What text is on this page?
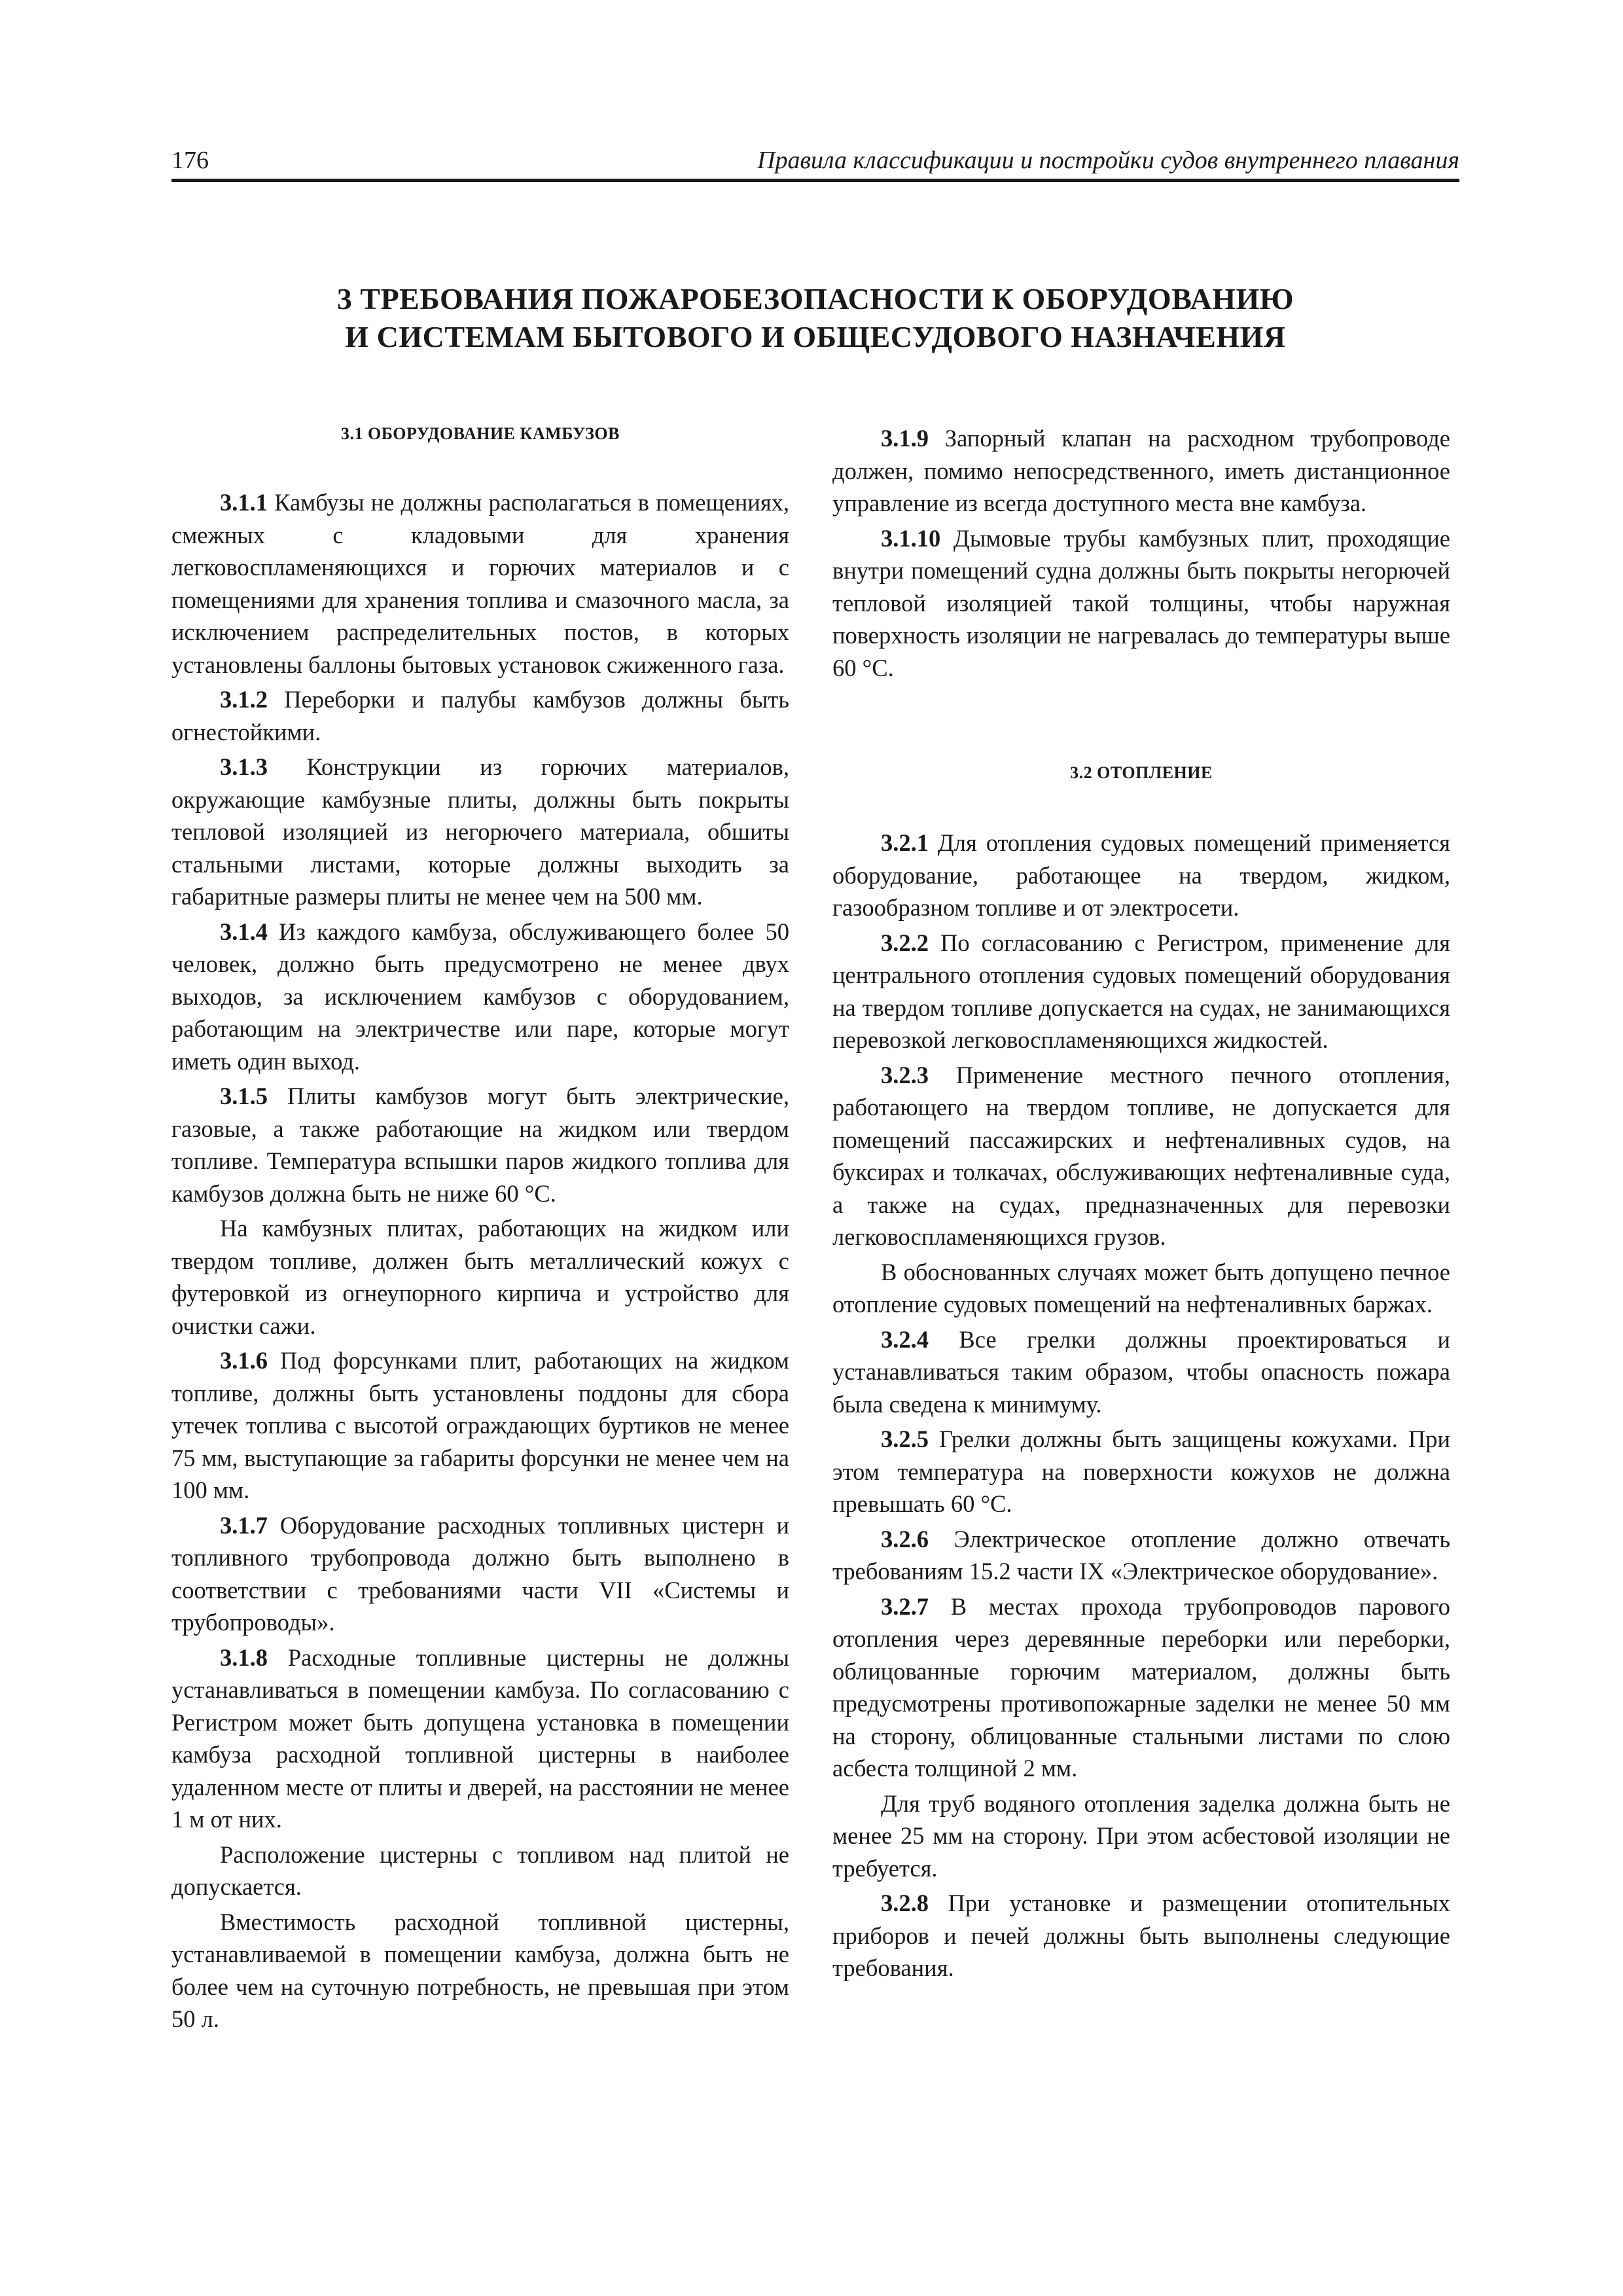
176	Правила классификации и постройки судов внутреннего плавания
3 ТРЕБОВАНИЯ ПОЖАРОБЕЗОПАСНОСТИ К ОБОРУДОВАНИЮ
И СИСТЕМАМ БЫТОВОГО И ОБЩЕСУДОВОГО НАЗНАЧЕНИЯ
3.1 ОБОРУДОВАНИЕ КАМБУЗОВ

3.1.1 Камбузы не должны располагаться в помещениях, смежных с кладовыми для хранения легковоспламеняющихся и горючих материалов и с помещениями для хранения топлива и смазочного масла, за исключением распределительных постов, в которых установлены баллоны бытовых установок сжиженного газа.

3.1.2 Переборки и палубы камбузов должны быть огнестойкими.

3.1.3 Конструкции из горючих материалов, окружающие камбузные плиты, должны быть покрыты тепловой изоляцией из негорючего материала, обшиты стальными листами, которые должны выходить за габаритные размеры плиты не менее чем на 500 мм.

3.1.4 Из каждого камбуза, обслуживающего более 50 человек, должно быть предусмотрено не менее двух выходов, за исключением камбузов с оборудованием, работающим на электричестве или паре, которые могут иметь один выход.

3.1.5 Плиты камбузов могут быть электрические, газовые, а также работающие на жидком или твердом топливе. Температура вспышки паров жидкого топлива для камбузов должна быть не ниже 60 °С.

На камбузных плитах, работающих на жидком или твердом топливе, должен быть металлический кожух с футеровкой из огнеупорного кирпича и устройство для очистки сажи.

3.1.6 Под форсунками плит, работающих на жидком топливе, должны быть установлены поддоны для сбора утечек топлива с высотой ограждающих буртиков не менее 75 мм, выступающие за габариты форсунки не менее чем на 100 мм.

3.1.7 Оборудование расходных топливных цистерн и топливного трубопровода должно быть выполнено в соответствии с требованиями части VII «Системы и трубопроводы».

3.1.8 Расходные топливные цистерны не должны устанавливаться в помещении камбуза. По согласованию с Регистром может быть допущена установка в помещении камбуза расходной топливной цистерны в наиболее удаленном месте от плиты и дверей, на расстоянии не менее 1 м от них.

Расположение цистерны с топливом над плитой не допускается.

Вместимость расходной топливной цистерны, устанавливаемой в помещении камбуза, должна быть не более чем на суточную потребность, не превышая при этом 50 л.

3.1.9 Запорный клапан на расходном трубопроводе должен, помимо непосредственного, иметь дистанционное управление из всегда доступного места вне камбуза.

3.1.10 Дымовые трубы камбузных плит, проходящие внутри помещений судна должны быть покрыты негорючей тепловой изоляцией такой толщины, чтобы наружная поверхность изоляции не нагревалась до температуры выше 60 °С.

3.2 ОТОПЛЕНИЕ

3.2.1 Для отопления судовых помещений применяется оборудование, работающее на твердом, жидком, газообразном топливе и от электросети.

3.2.2 По согласованию с Регистром, применение для центрального отопления судовых помещений оборудования на твердом топливе допускается на судах, не занимающихся перевозкой легковоспламеняющихся жидкостей.

3.2.3 Применение местного печного отопления, работающего на твердом топливе, не допускается для помещений пассажирских и нефтеналивных судов, на буксирах и толкачах, обслуживающих нефтеналивные суда, а также на судах, предназначенных для перевозки легковоспламеняющихся грузов.

В обоснованных случаях может быть допущено печное отопление судовых помещений на нефтеналивных баржах.

3.2.4 Все грелки должны проектироваться и устанавливаться таким образом, чтобы опасность пожара была сведена к минимуму.

3.2.5 Грелки должны быть защищены кожухами. При этом температура на поверхности кожухов не должна превышать 60 °С.

3.2.6 Электрическое отопление должно отвечать требованиям 15.2 части IX «Электрическое оборудование».

3.2.7 В местах прохода трубопроводов парового отопления через деревянные переборки или переборки, облицованные горючим материалом, должны быть предусмотрены противопожарные заделки не менее 50 мм на сторону, облицованные стальными листами по слою асбеста толщиной 2 мм.

Для труб водяного отопления заделка должна быть не менее 25 мм на сторону. При этом асбестовой изоляции не требуется.

3.2.8 При установке и размещении отопительных приборов и печей должны быть выполнены следующие требования.
